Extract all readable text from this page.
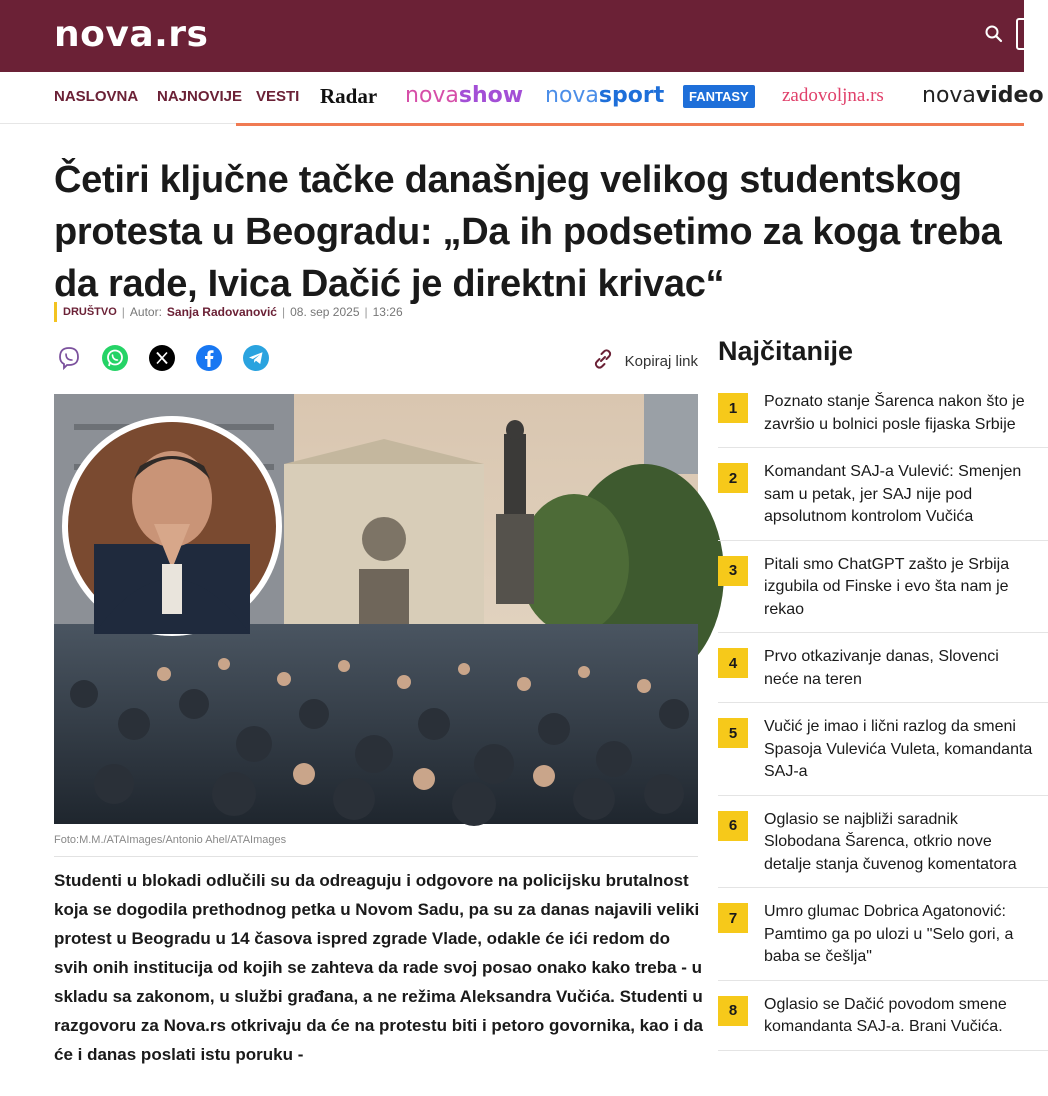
nova.rs
NASLOVNA NAJNOVIJE VESTI Radar novashow novasport	FANTASY	zadovoljna.rs novavideo
Četiri ključne tačke današnjeg velikog studentskog protesta u Beogradu: „Da ih podsetimo za koga treba da rade, Ivica Dačić je direktni krivac“
DRUŠTVO | Autor: Sanja Radovanović | 08. sep 2025 | 13:26
Kopiraj link
Foto:M.M./ATAImages/Antonio Ahel/ATAImages

Studenti u blokadi odlučili su da odreaguju i odgovore na policijsku brutalnost koja se dogodila prethodnog petka u Novom Sadu, pa su za danas najavili veliki protest u Beogradu u 14 časova ispred zgrade Vlade, odakle će ići redom do svih onih institucija od kojih se zahteva da rade svoj posao onako kako treba - u skladu sa zakonom, u službi građana, a ne režima Aleksandra Vučića. Studenti u razgovoru za Nova.rs otkrivaju da će na protestu biti i petoro govornika, kao i da će i danas poslati istu poruku -

Najčitanije
1	Poznato stanje Šarenca nakon što je završio u bolnici posle fijaska Srbije
2	Komandant SAJ-a Vulević: Smenjen sam u petak, jer SAJ nije pod apsolutnom kontrolom Vučića
3	Pitali smo ChatGPT zašto je Srbija izgubila od Finske i evo šta nam je rekao
4	Prvo otkazivanje danas, Slovenci neće na teren
5	Vučić je imao i lični razlog da smeni Spasoja Vulevića Vuleta, komandanta SAJ-a
6	Oglasio se najbliži saradnik Slobodana Šarenca, otkrio nove detalje stanja čuvenog komentatora
7	Umro glumac Dobrica Agatonović: Pamtimo ga po ulozi u "Selo gori, a baba se češlja"
8	Oglasio se Dačić povodom smene komandanta SAJ-a. Brani Vučića.
